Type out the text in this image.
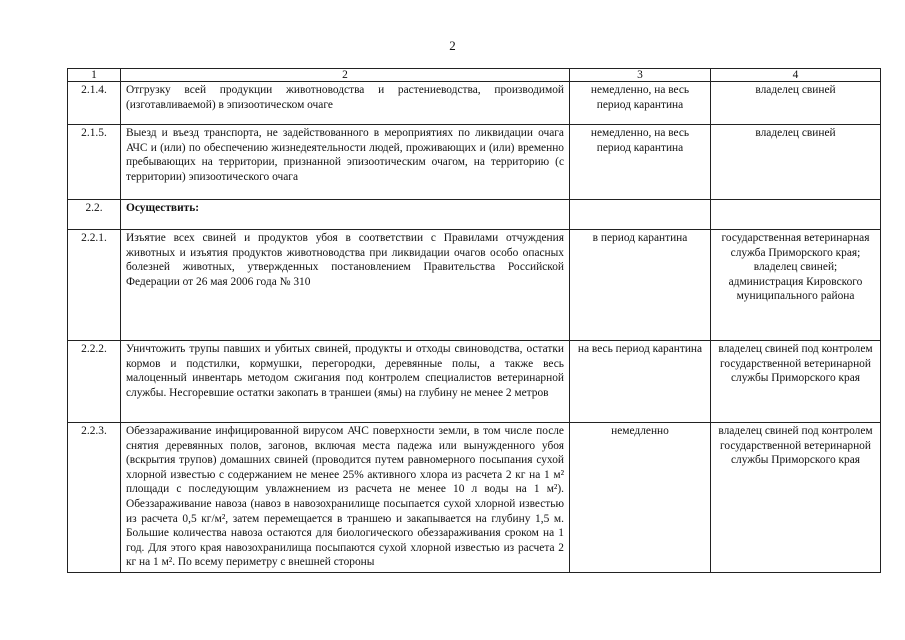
2
1	2	3	4
2.1.4.	Отгрузку всей продукции животноводства и растениеводства, производимой (изготавливаемой) в эпизоотическом очаге	немедленно, на весь период карантина	владелец свиней
2.1.5.	Выезд и въезд транспорта, не задействованного в мероприятиях по ликвидации очага АЧС и (или) по обеспечению жизнедеятельности людей, проживающих и (или) временно пребывающих на территории, признанной эпизоотическим очагом, на территорию (с территории) эпизоотического очага	немедленно, на весь период карантина	владелец свиней
2.2.	Осуществить:		
2.2.1.	Изъятие всех свиней и продуктов убоя в соответствии с Правилами отчуждения животных и изъятия продуктов животноводства при ликвидации очагов особо опасных болезней животных, утвержденных постановлением Правительства Российской Федерации от 26 мая 2006 года № 310	в период карантина	государственная ветеринарная служба Приморского края; владелец свиней; администрация Кировского муниципального района
2.2.2.	Уничтожить трупы павших и убитых свиней, продукты и отходы свиноводства, остатки кормов и подстилки, кормушки, перегородки, деревянные полы, а также весь малоценный инвентарь методом сжигания под контролем специалистов ветеринарной службы. Несгоревшие остатки закопать в траншеи (ямы) на глубину не менее 2 метров	на весь период карантина	владелец свиней под контролем государственной ветеринарной службы Приморского края
2.2.3.	Обеззараживание инфицированной вирусом АЧС поверхности земли, в том числе после снятия деревянных полов, загонов, включая места падежа или вынужденного убоя (вскрытия трупов) домашних свиней (проводится путем равномерного посыпания сухой хлорной известью с содержанием не менее 25% активного хлора из расчета 2 кг на 1 м² площади с последующим увлажнением из расчета не менее 10 л воды на 1 м²). Обеззараживание навоза (навоз в навозохранилище посыпается сухой хлорной известью из расчета 0,5 кг/м², затем перемещается в траншею и закапывается на глубину 1,5 м. Большие количества навоза остаются для биологического обеззараживания сроком на 1 год. Для этого края навозохранилища посыпаются сухой хлорной известью из расчета 2 кг на 1 м². По всему периметру с внешней стороны	немедленно	владелец свиней под контролем государственной ветеринарной службы Приморского края
